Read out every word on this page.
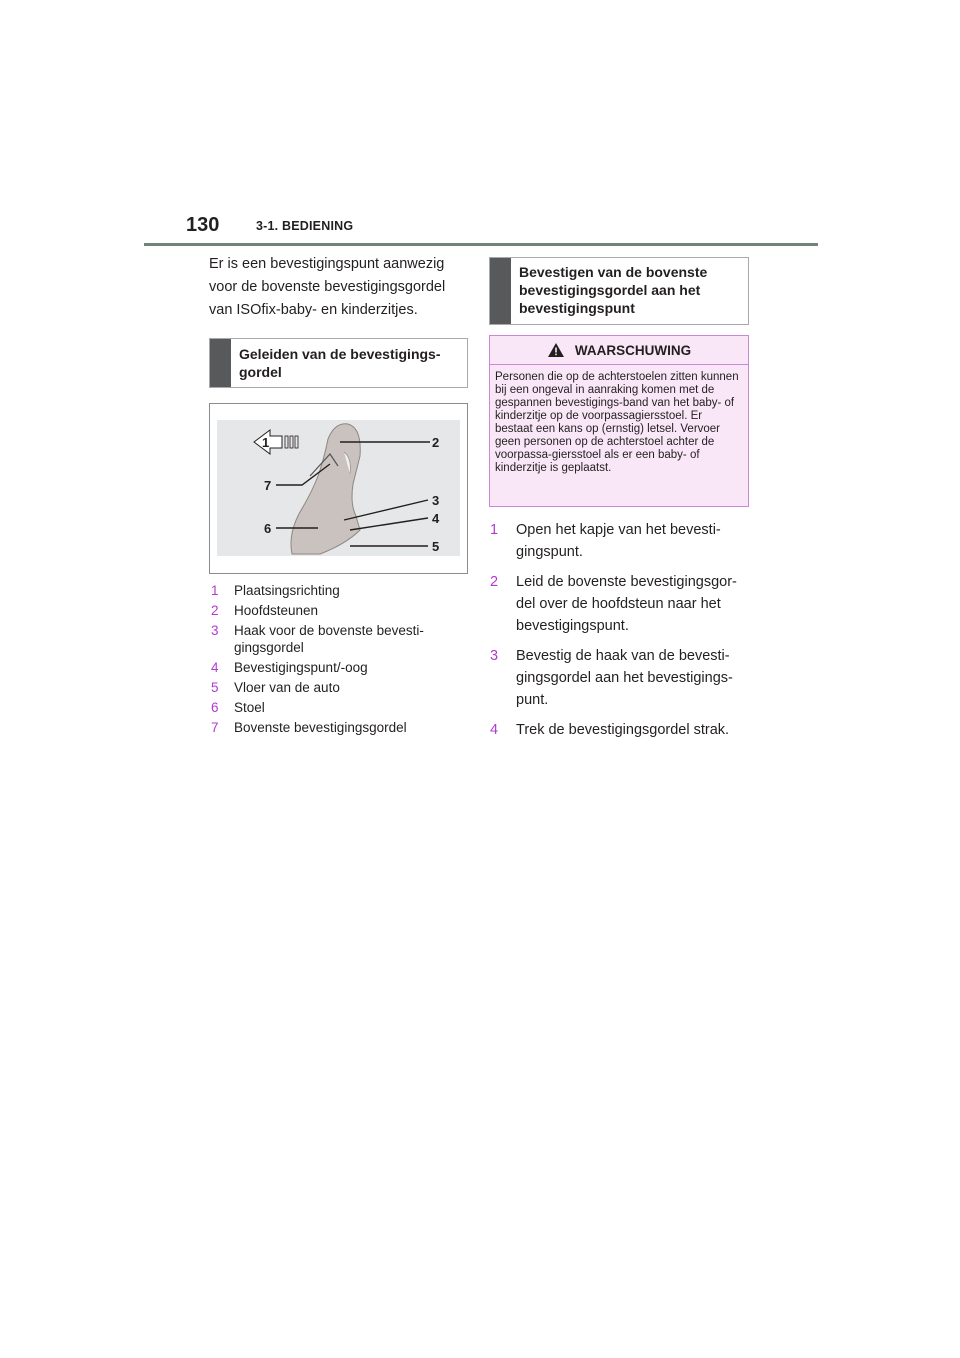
130	3-1. BEDIENING

Er is een bevestigingspunt aanwezig voor de bovenste bevestigingsgordel van ISOfix-baby- en kinderzitjes.

Geleiden van de bevestigings-gordel
1	2
3
4
5
6
7
1	Plaatsingsrichting
2	Hoofdsteunen
3	Haak voor de bovenste bevesti-gingsgordel
4	Bevestigingspunt/-oog
5	Vloer van de auto
6	Stoel
7	Bovenste bevestigingsgordel
Bevestigen van de bovenste bevestigingsgordel aan het bevestigingspunt
WAARSCHUWING
Personen die op de achterstoelen zitten kunnen bij een ongeval in aanraking komen met de gespannen bevestigings-band van het baby- of kinderzitje op de voorpassagiersstoel. Er bestaat een kans op (ernstig) letsel. Vervoer geen personen op de achterstoel achter de voorpassa-giersstoel als er een baby- of kinderzitje is geplaatst.
1	Open het kapje van het bevesti-gingspunt.
2	Leid de bovenste bevestigingsgor-del over de hoofdsteun naar het bevestigingspunt.
3	Bevestig de haak van de bevesti-gingsgordel aan het bevestigings-punt.
4	Trek de bevestigingsgordel strak.
